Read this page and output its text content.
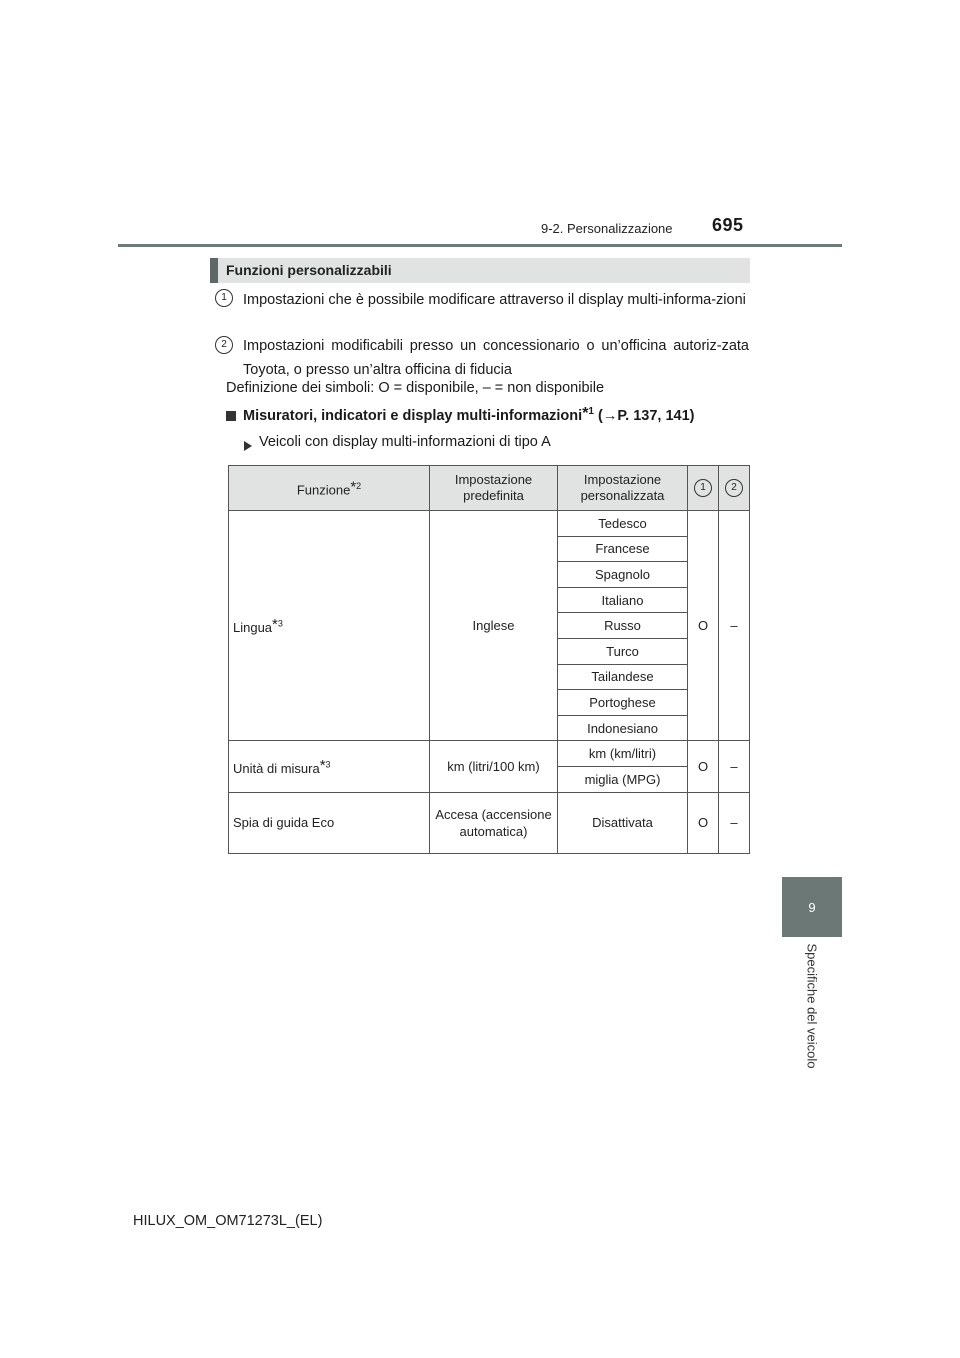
9-2. Personalizzazione 695
9
Specifiche del veicolo
Funzioni personalizzabili
1	Impostazioni che è possibile modificare attraverso il display multi-informa-zioni
2	Impostazioni modificabili presso un concessionario o un’officina autoriz-zata Toyota, o presso un’altra officina di fiducia
Definizione dei simboli: O = disponibile, – = non disponibile
Misuratori, indicatori e display multi-informazioni*$^1$ (→P. 137, 141)
Veicoli con display multi-informazioni di tipo A
Funzione*$^2$	Impostazione predefinita	Impostazione personalizzata	1	2
Lingua*$^3$	Inglese	Tedesco	O	–
		Francese		
		Spagnolo		
		Italiano		
		Russo		
		Turco		
		Tailandese		
		Portoghese		
		Indonesiano		
Unità di misura*$^3$	km (litri/100 km)	km (km/litri)	O	–
		miglia (MPG)		
Spia di guida Eco	Accesa (accensione automatica)	Disattivata	O	–
HILUX_OM_OM71273L_(EL)
